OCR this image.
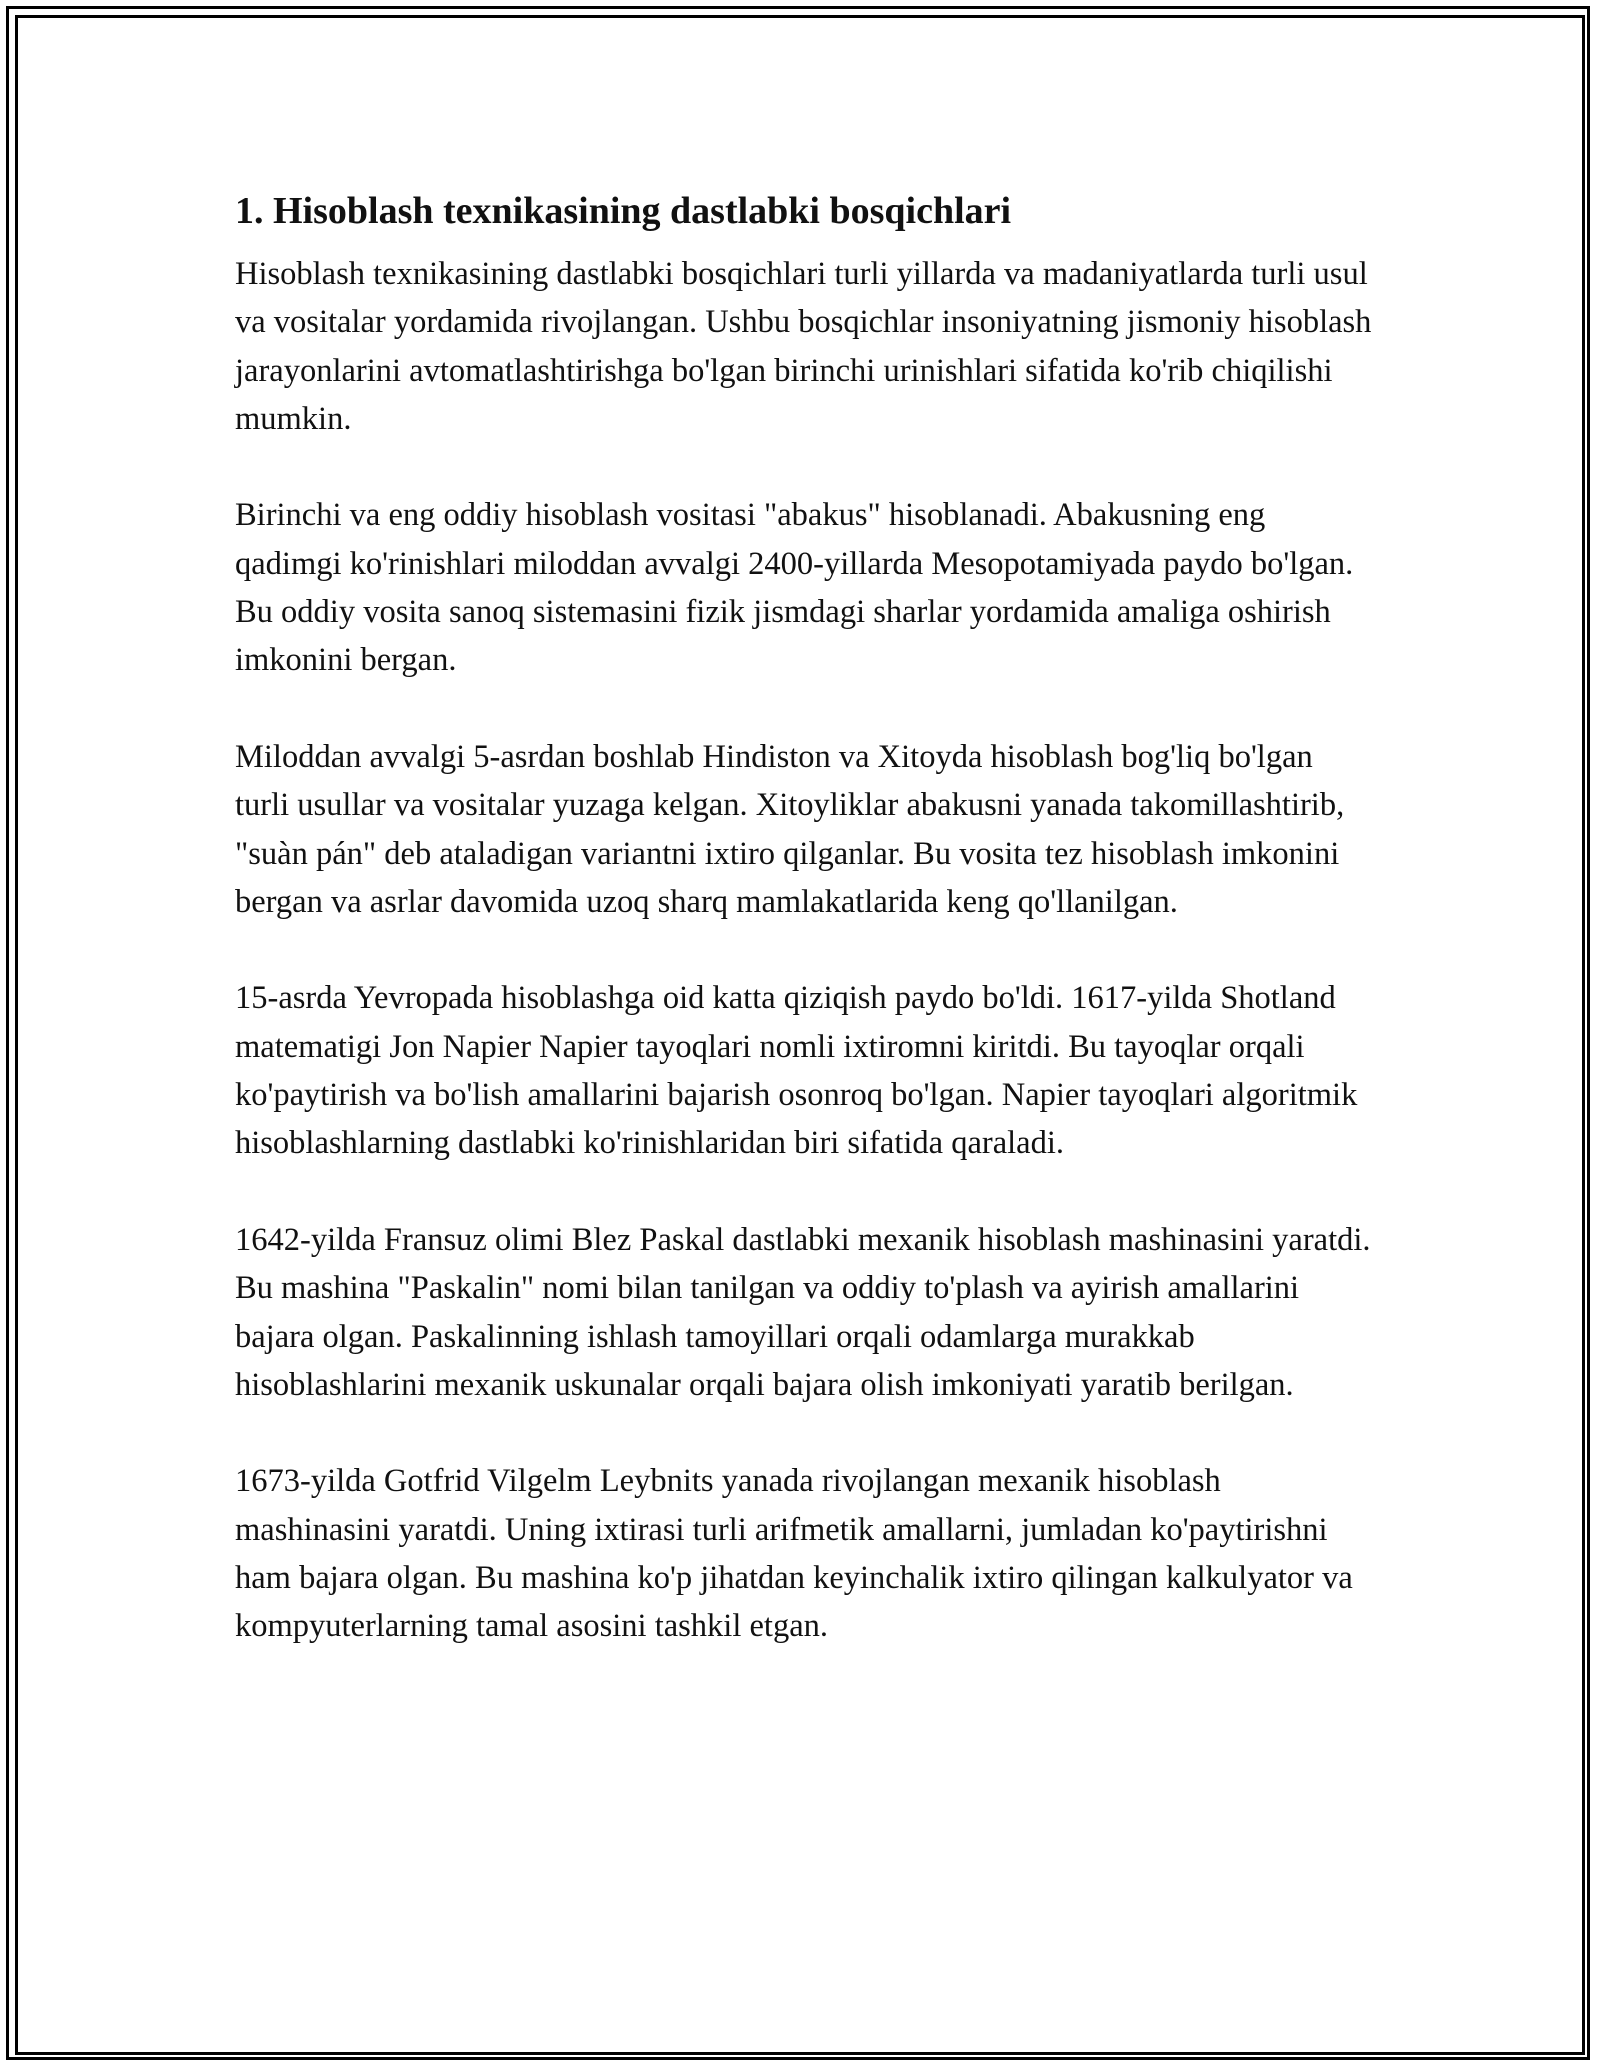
1. Hisoblash texnikasining dastlabki bosqichlari

Hisoblash texnikasining dastlabki bosqichlari turli yillarda va madaniyatlarda turli usul va vositalar yordamida rivojlangan. Ushbu bosqichlar insoniyatning jismoniy hisoblash jarayonlarini avtomatlashtirishga bo'lgan birinchi urinishlari sifatida ko'rib chiqilishi mumkin.

Birinchi va eng oddiy hisoblash vositasi "abakus" hisoblanadi. Abakusning eng qadimgi ko'rinishlari miloddan avvalgi 2400-yillarda Mesopotamiyada paydo bo'lgan. Bu oddiy vosita sanoq sistemasini fizik jismdagi sharlar yordamida amaliga oshirish imkonini bergan.

Miloddan avvalgi 5-asrdan boshlab Hindiston va Xitoyda hisoblash bog'liq bo'lgan turli usullar va vositalar yuzaga kelgan. Xitoyliklar abakusni yanada takomillashtirib, "suàn pán" deb ataladigan variantni ixtiro qilganlar. Bu vosita tez hisoblash imkonini bergan va asrlar davomida uzoq sharq mamlakatlarida keng qo'llanilgan.

15-asrda Yevropada hisoblashga oid katta qiziqish paydo bo'ldi. 1617-yilda Shotland matematigi Jon Napier Napier tayoqlari nomli ixtiromni kiritdi. Bu tayoqlar orqali ko'paytirish va bo'lish amallarini bajarish osonroq bo'lgan. Napier tayoqlari algoritmik hisoblashlarning dastlabki ko'rinishlaridan biri sifatida qaraladi.

1642-yilda Fransuz olimi Blez Paskal dastlabki mexanik hisoblash mashinasini yaratdi. Bu mashina "Paskalin" nomi bilan tanilgan va oddiy to'plash va ayirish amallarini bajara olgan. Paskalinning ishlash tamoyillari orqali odamlarga murakkab hisoblashlarini mexanik uskunalar orqali bajara olish imkoniyati yaratib berilgan.

1673-yilda Gotfrid Vilgelm Leybnits yanada rivojlangan mexanik hisoblash mashinasini yaratdi. Uning ixtirasi turli arifmetik amallarni, jumladan ko'paytirishni ham bajara olgan. Bu mashina ko'p jihatdan keyinchalik ixtiro qilingan kalkulyator va kompyuterlarning tamal asosini tashkil etgan.
